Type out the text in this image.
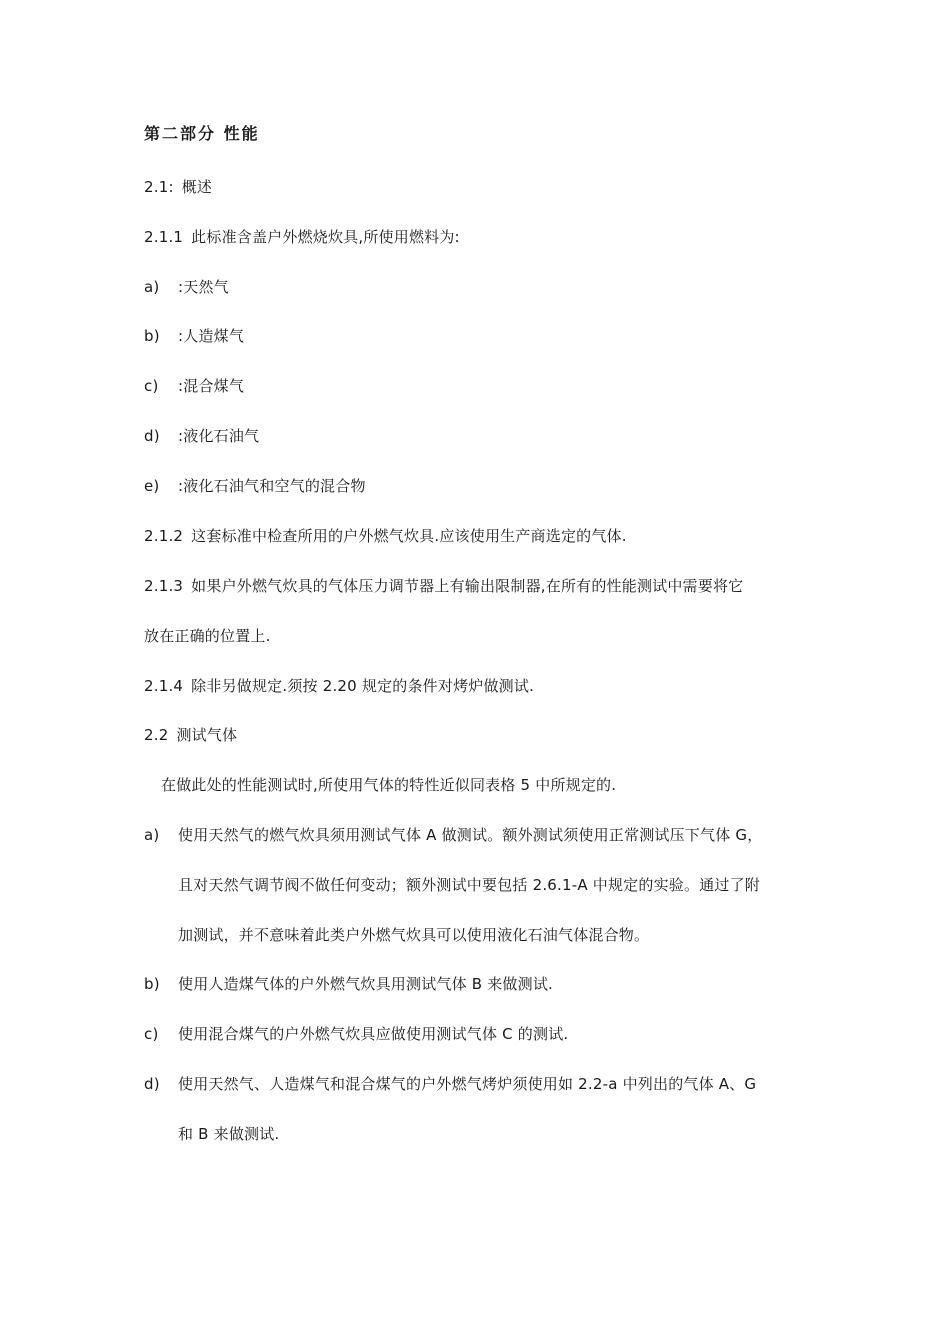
第二部分 性能
2.1: 概述
2.1.1 此标准含盖户外燃烧炊具,所使用燃料为:
a) :天然气
b) :人造煤气
c) :混合煤气
d) :液化石油气
e) :液化石油气和空气的混合物
2.1.2 这套标准中检查所用的户外燃气炊具.应该使用生产商选定的气体.
2.1.3 如果户外燃气炊具的气体压力调节器上有输出限制器,在所有的性能测试中需要将它
放在正确的位置上.
2.1.4 除非另做规定.须按 2.20 规定的条件对烤炉做测试.
2.2 测试气体
在做此处的性能测试时,所使用气体的特性近似同表格 5 中所规定的.
a) 使用天然气的燃气炊具须用测试气体 A 做测试。额外测试须使用正常测试压下气体 G，
且对天然气调节阀不做任何变动；额外测试中要包括 2.6.1-A 中规定的实验。通过了附
加测试，并不意味着此类户外燃气炊具可以使用液化石油气体混合物。
b) 使用人造煤气体的户外燃气炊具用测试气体 B 来做测试.
c) 使用混合煤气的户外燃气炊具应做使用测试气体 C 的测试.
d) 使用天然气、人造煤气和混合煤气的户外燃气烤炉须使用如 2.2-a 中列出的气体 A、G
和 B 来做测试.
